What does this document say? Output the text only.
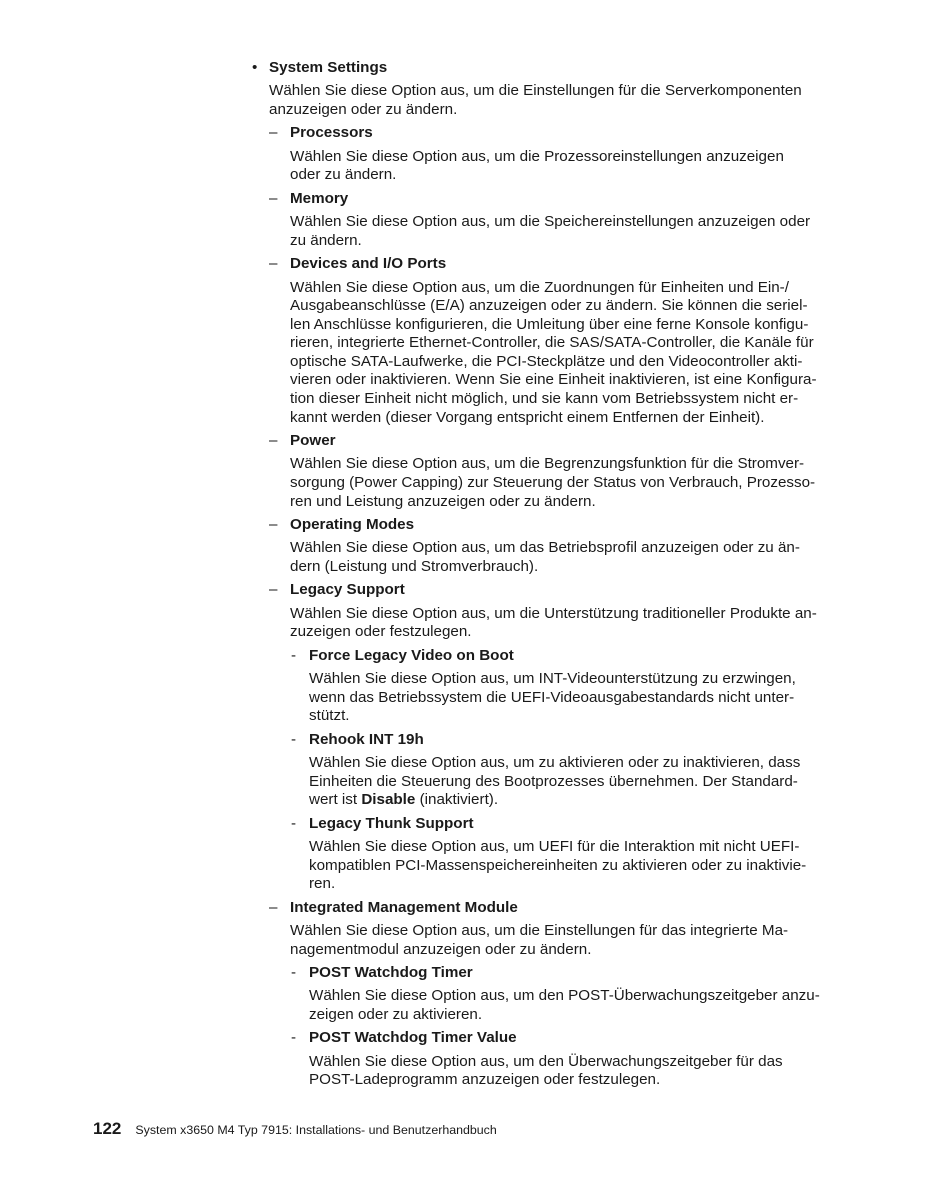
• System Settings
Wählen Sie diese Option aus, um die Einstellungen für die Serverkomponenten
anzuzeigen oder zu ändern.
– Processors
Wählen Sie diese Option aus, um die Prozessoreinstellungen anzuzeigen
oder zu ändern.
– Memory
Wählen Sie diese Option aus, um die Speichereinstellungen anzuzeigen oder
zu ändern.
– Devices and I/O Ports
Wählen Sie diese Option aus, um die Zuordnungen für Einheiten und Ein-/
Ausgabeanschlüsse (E/A) anzuzeigen oder zu ändern. Sie können die seriel-
len Anschlüsse konfigurieren, die Umleitung über eine ferne Konsole konfigu-
rieren, integrierte Ethernet-Controller, die SAS/SATA-Controller, die Kanäle für
optische SATA-Laufwerke, die PCI-Steckplätze und den Videocontroller akti-
vieren oder inaktivieren. Wenn Sie eine Einheit inaktivieren, ist eine Konfigura-
tion dieser Einheit nicht möglich, und sie kann vom Betriebssystem nicht er-
kannt werden (dieser Vorgang entspricht einem Entfernen der Einheit).
– Power
Wählen Sie diese Option aus, um die Begrenzungsfunktion für die Stromver-
sorgung (Power Capping) zur Steuerung der Status von Verbrauch, Prozesso-
ren und Leistung anzuzeigen oder zu ändern.
– Operating Modes
Wählen Sie diese Option aus, um das Betriebsprofil anzuzeigen oder zu än-
dern (Leistung und Stromverbrauch).
– Legacy Support
Wählen Sie diese Option aus, um die Unterstützung traditioneller Produkte an-
zuzeigen oder festzulegen.
- Force Legacy Video on Boot
Wählen Sie diese Option aus, um INT-Videounterstützung zu erzwingen,
wenn das Betriebssystem die UEFI-Videoausgabestandards nicht unter-
stützt.
- Rehook INT 19h
Wählen Sie diese Option aus, um zu aktivieren oder zu inaktivieren, dass
Einheiten die Steuerung des Bootprozesses übernehmen. Der Standard-
wert ist Disable (inaktiviert).
- Legacy Thunk Support
Wählen Sie diese Option aus, um UEFI für die Interaktion mit nicht UEFI-
kompatiblen PCI-Massenspeichereinheiten zu aktivieren oder zu inaktivie-
ren.
– Integrated Management Module
Wählen Sie diese Option aus, um die Einstellungen für das integrierte Ma-
nagementmodul anzuzeigen oder zu ändern.
- POST Watchdog Timer
Wählen Sie diese Option aus, um den POST-Überwachungszeitgeber anzu-
zeigen oder zu aktivieren.
- POST Watchdog Timer Value
Wählen Sie diese Option aus, um den Überwachungszeitgeber für das
POST-Ladeprogramm anzuzeigen oder festzulegen.
122 System x3650 M4 Typ 7915: Installations- und Benutzerhandbuch
